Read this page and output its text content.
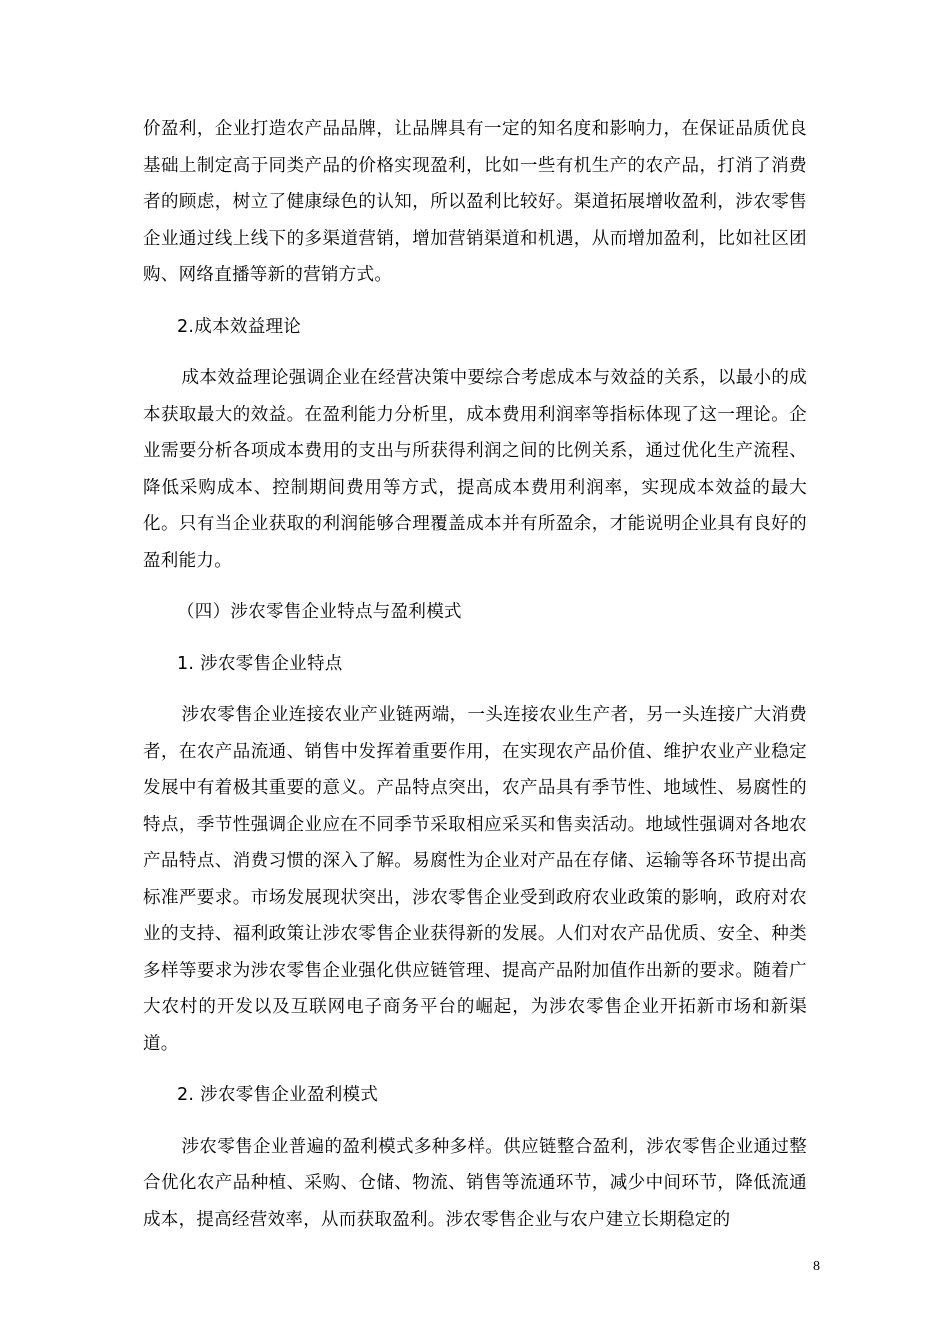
价盈利，企业打造农产品品牌，让品牌具有一定的知名度和影响力，在保证品质优良基础上制定高于同类产品的价格实现盈利，比如一些有机生产的农产品，打消了消费者的顾虑，树立了健康绿色的认知，所以盈利比较好。渠道拓展增收盈利，涉农零售企业通过线上线下的多渠道营销，增加营销渠道和机遇，从而增加盈利，比如社区团购、网络直播等新的营销方式。

2.成本效益理论

成本效益理论强调企业在经营决策中要综合考虑成本与效益的关系，以最小的成本获取最大的效益。在盈利能力分析里，成本费用利润率等指标体现了这一理论。企业需要分析各项成本费用的支出与所获得利润之间的比例关系，通过优化生产流程、降低采购成本、控制期间费用等方式，提高成本费用利润率，实现成本效益的最大化。只有当企业获取的利润能够合理覆盖成本并有所盈余，才能说明企业具有良好的盈利能力。

（四）涉农零售企业特点与盈利模式

1. 涉农零售企业特点

涉农零售企业连接农业产业链两端，一头连接农业生产者，另一头连接广大消费者，在农产品流通、销售中发挥着重要作用，在实现农产品价值、维护农业产业稳定发展中有着极其重要的意义。产品特点突出，农产品具有季节性、地域性、易腐性的特点，季节性强调企业应在不同季节采取相应采买和售卖活动。地域性强调对各地农产品特点、消费习惯的深入了解。易腐性为企业对产品在存储、运输等各环节提出高标准严要求。市场发展现状突出，涉农零售企业受到政府农业政策的影响，政府对农业的支持、福利政策让涉农零售企业获得新的发展。人们对农产品优质、安全、种类多样等要求为涉农零售企业强化供应链管理、提高产品附加值作出新的要求。随着广大农村的开发以及互联网电子商务平台的崛起，为涉农零售企业开拓新市场和新渠道。

2. 涉农零售企业盈利模式

涉农零售企业普遍的盈利模式多种多样。供应链整合盈利，涉农零售企业通过整合优化农产品种植、采购、仓储、物流、销售等流通环节，减少中间环节，降低流通成本，提高经营效率，从而获取盈利。涉农零售企业与农户建立长期稳定的

8
